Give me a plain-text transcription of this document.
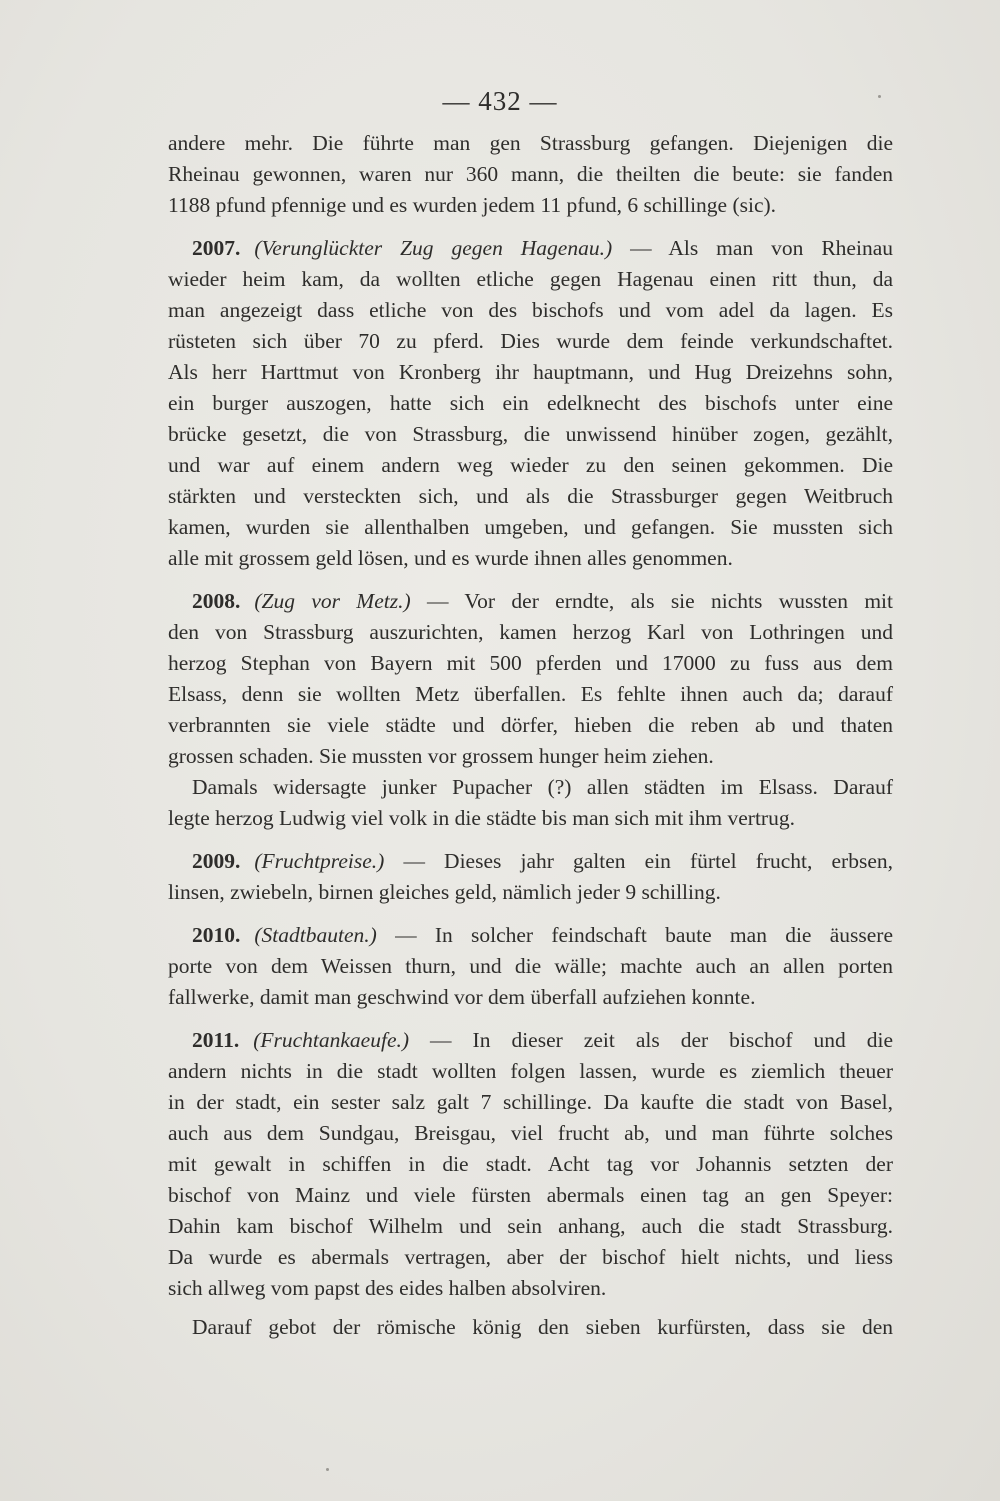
— 432 —
andere mehr. Die führte man gen Strassburg gefangen. Diejenigen die
Rheinau gewonnen, waren nur 360 mann, die theilten die beute: sie fanden
1188 pfund pfennige und es wurden jedem 11 pfund, 6 schillinge (sic).
2007. (Verunglückter Zug gegen Hagenau.) — Als man von Rheinau
wieder heim kam, da wollten etliche gegen Hagenau einen ritt thun, da
man angezeigt dass etliche von des bischofs und vom adel da lagen. Es
rüsteten sich über 70 zu pferd. Dies wurde dem feinde verkundschaftet.
Als herr Harttmut von Kronberg ihr hauptmann, und Hug Dreizehns sohn,
ein burger auszogen, hatte sich ein edelknecht des bischofs unter eine
brücke gesetzt, die von Strassburg, die unwissend hinüber zogen, gezählt,
und war auf einem andern weg wieder zu den seinen gekommen. Die
stärkten und versteckten sich, und als die Strassburger gegen Weitbruch
kamen, wurden sie allenthalben umgeben, und gefangen. Sie mussten sich
alle mit grossem geld lösen, und es wurde ihnen alles genommen.
2008. (Zug vor Metz.) — Vor der erndte, als sie nichts wussten mit
den von Strassburg auszurichten, kamen herzog Karl von Lothringen und
herzog Stephan von Bayern mit 500 pferden und 17000 zu fuss aus dem
Elsass, denn sie wollten Metz überfallen. Es fehlte ihnen auch da; darauf
verbrannten sie viele städte und dörfer, hieben die reben ab und thaten
grossen schaden. Sie mussten vor grossem hunger heim ziehen.
Damals widersagte junker Pupacher (?) allen städten im Elsass. Darauf
legte herzog Ludwig viel volk in die städte bis man sich mit ihm vertrug.
2009. (Fruchtpreise.) — Dieses jahr galten ein fürtel frucht, erbsen,
linsen, zwiebeln, birnen gleiches geld, nämlich jeder 9 schilling.
2010. (Stadtbauten.) — In solcher feindschaft baute man die äussere
porte von dem Weissen thurn, und die wälle; machte auch an allen porten
fallwerke, damit man geschwind vor dem überfall aufziehen konnte.
2011. (Fruchtankaeufe.) — In dieser zeit als der bischof und die
andern nichts in die stadt wollten folgen lassen, wurde es ziemlich theuer
in der stadt, ein sester salz galt 7 schillinge. Da kaufte die stadt von Basel,
auch aus dem Sundgau, Breisgau, viel frucht ab, und man führte solches
mit gewalt in schiffen in die stadt. Acht tag vor Johannis setzten der
bischof von Mainz und viele fürsten abermals einen tag an gen Speyer:
Dahin kam bischof Wilhelm und sein anhang, auch die stadt Strassburg.
Da wurde es abermals vertragen, aber der bischof hielt nichts, und liess
sich allweg vom papst des eides halben absolviren.
Darauf gebot der römische könig den sieben kurfürsten, dass sie den
